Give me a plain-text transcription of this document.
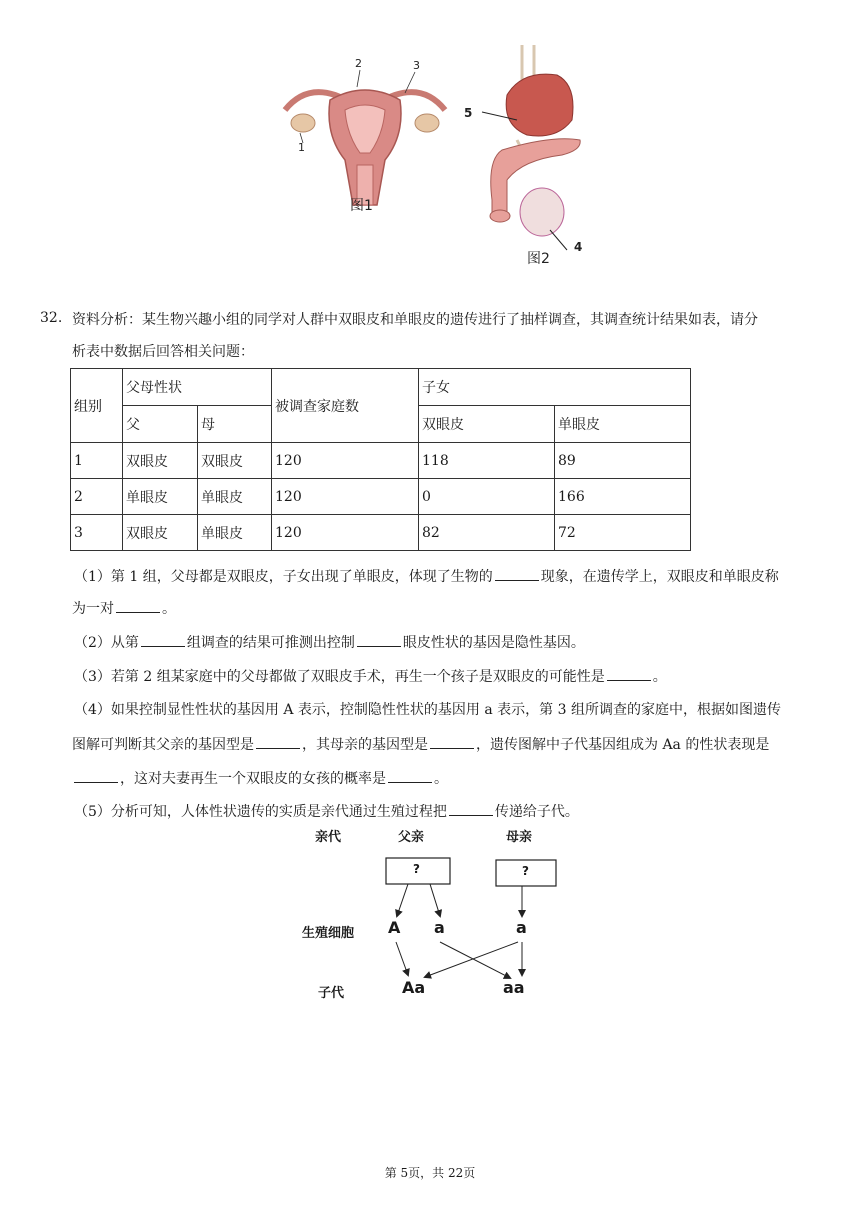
1
2	3
图1
5
4
图2
32. 资料分析：某生物兴趣小组的同学对人群中双眼皮和单眼皮的遗传进行了抽样调查，其调查统计结果如表，请分
析表中数据后回答相关问题：
组别	父母性状		被调查家庭数	子女	
	父	母		双眼皮	单眼皮
1	双眼皮	双眼皮	120	118	89
2	单眼皮	单眼皮	120	0	166
3	双眼皮	单眼皮	120	82	72
（1）第 1 组，父母都是双眼皮，子女出现了单眼皮，体现了生物的	现象，在遗传学上，双眼皮和单眼皮称
为一对	。
（2）从第	组调查的结果可推测出控制	眼皮性状的基因是隐性基因。
（3）若第 2 组某家庭中的父母都做了双眼皮手术，再生一个孩子是双眼皮的可能性是	。
（4）如果控制显性性状的基因用 A 表示，控制隐性性状的基因用 a 表示，第 3 组所调查的家庭中，根据如图遗传
图解可判断其父亲的基因型是	，其母亲的基因型是	，遗传图解中子代基因组成为 Aa 的性状表现是
，这对夫妻再生一个双眼皮的女孩的概率是	。
（5）分析可知，人体性状遗传的实质是亲代通过生殖过程把	传递给子代。
亲代	父亲	母亲
?	?
生殖细胞 A a	a
子代	Aa	aa
第 5页，共 22页
